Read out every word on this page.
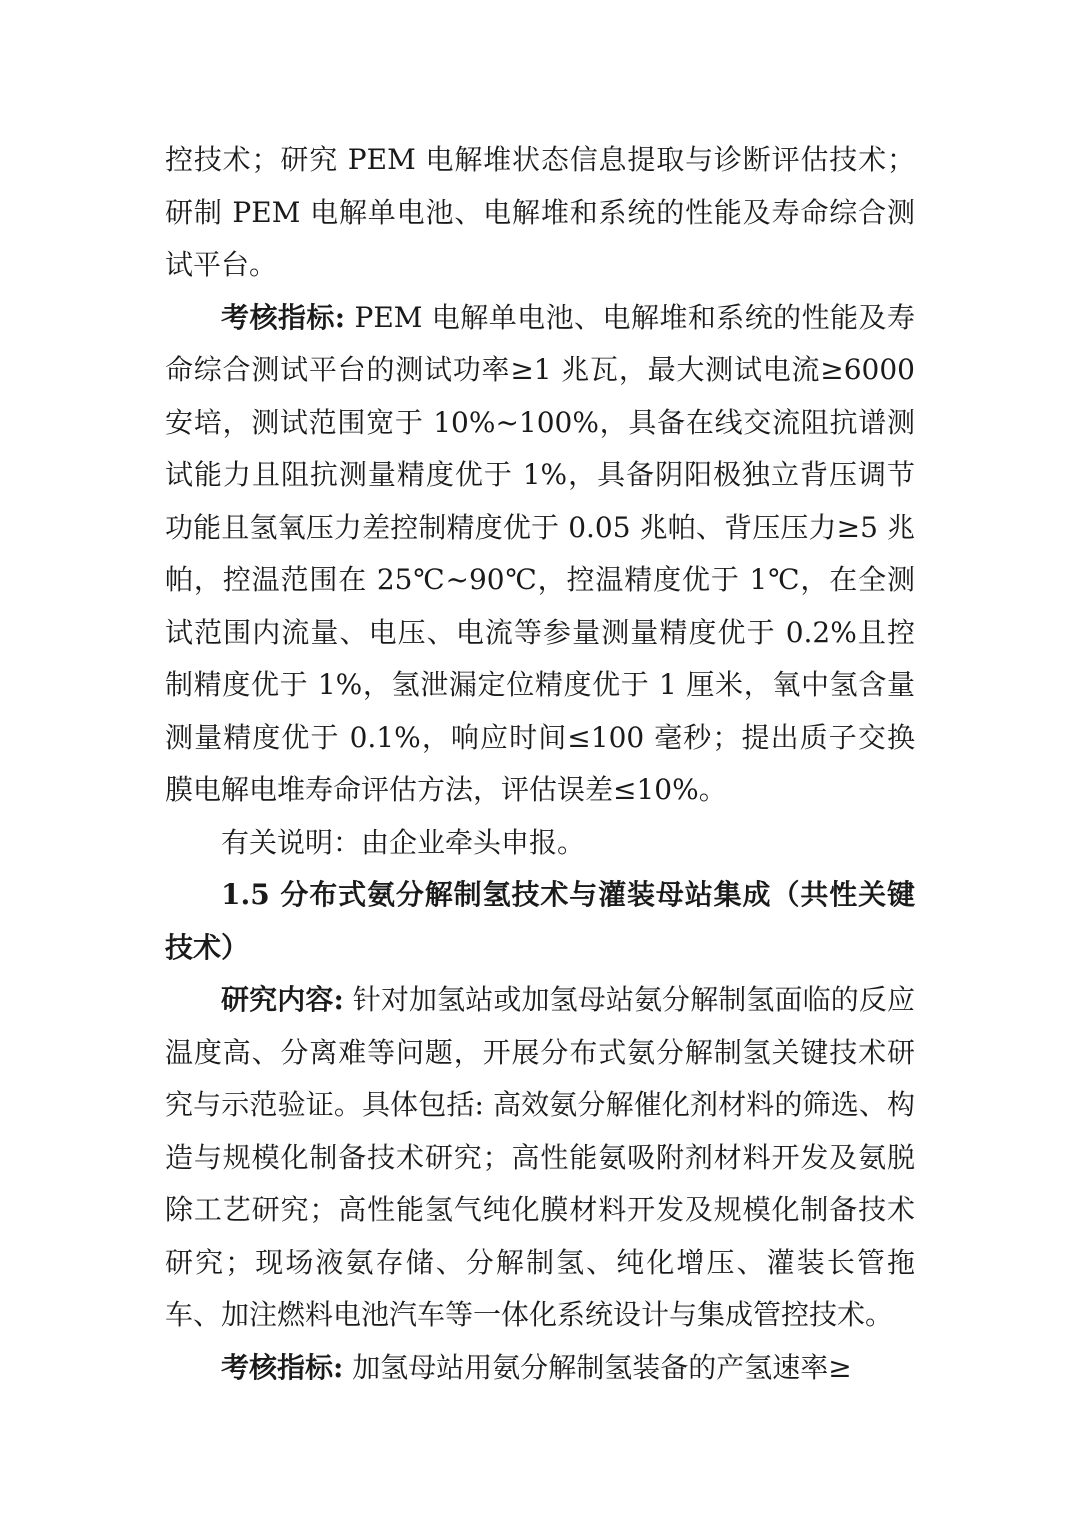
控技术；研究 PEM 电解堆状态信息提取与诊断评估技术；研制 PEM 电解单电池、电解堆和系统的性能及寿命综合测试平台。

考核指标: PEM 电解单电池、电解堆和系统的性能及寿命综合测试平台的测试功率≥1 兆瓦，最大测试电流≥6000 安培，测试范围宽于 10%~100%，具备在线交流阻抗谱测试能力且阻抗测量精度优于 1%，具备阴阳极独立背压调节功能且氢氧压力差控制精度优于 0.05 兆帕、背压压力≥5 兆帕，控温范围在 25℃~90℃，控温精度优于 1℃，在全测试范围内流量、电压、电流等参量测量精度优于 0.2%且控制精度优于 1%，氢泄漏定位精度优于 1 厘米，氧中氢含量测量精度优于 0.1%，响应时间≤100 毫秒；提出质子交换膜电解电堆寿命评估方法，评估误差≤10%。

有关说明：由企业牵头申报。

1.5 分布式氨分解制氢技术与灌装母站集成（共性关键技术）

研究内容: 针对加氢站或加氢母站氨分解制氢面临的反应温度高、分离难等问题，开展分布式氨分解制氢关键技术研究与示范验证。具体包括: 高效氨分解催化剂材料的筛选、构造与规模化制备技术研究；高性能氨吸附剂材料开发及氨脱除工艺研究；高性能氢气纯化膜材料开发及规模化制备技术研究；现场液氨存储、分解制氢、纯化增压、灌装长管拖车、加注燃料电池汽车等一体化系统设计与集成管控技术。

考核指标: 加氢母站用氨分解制氢装备的产氢速率≥
